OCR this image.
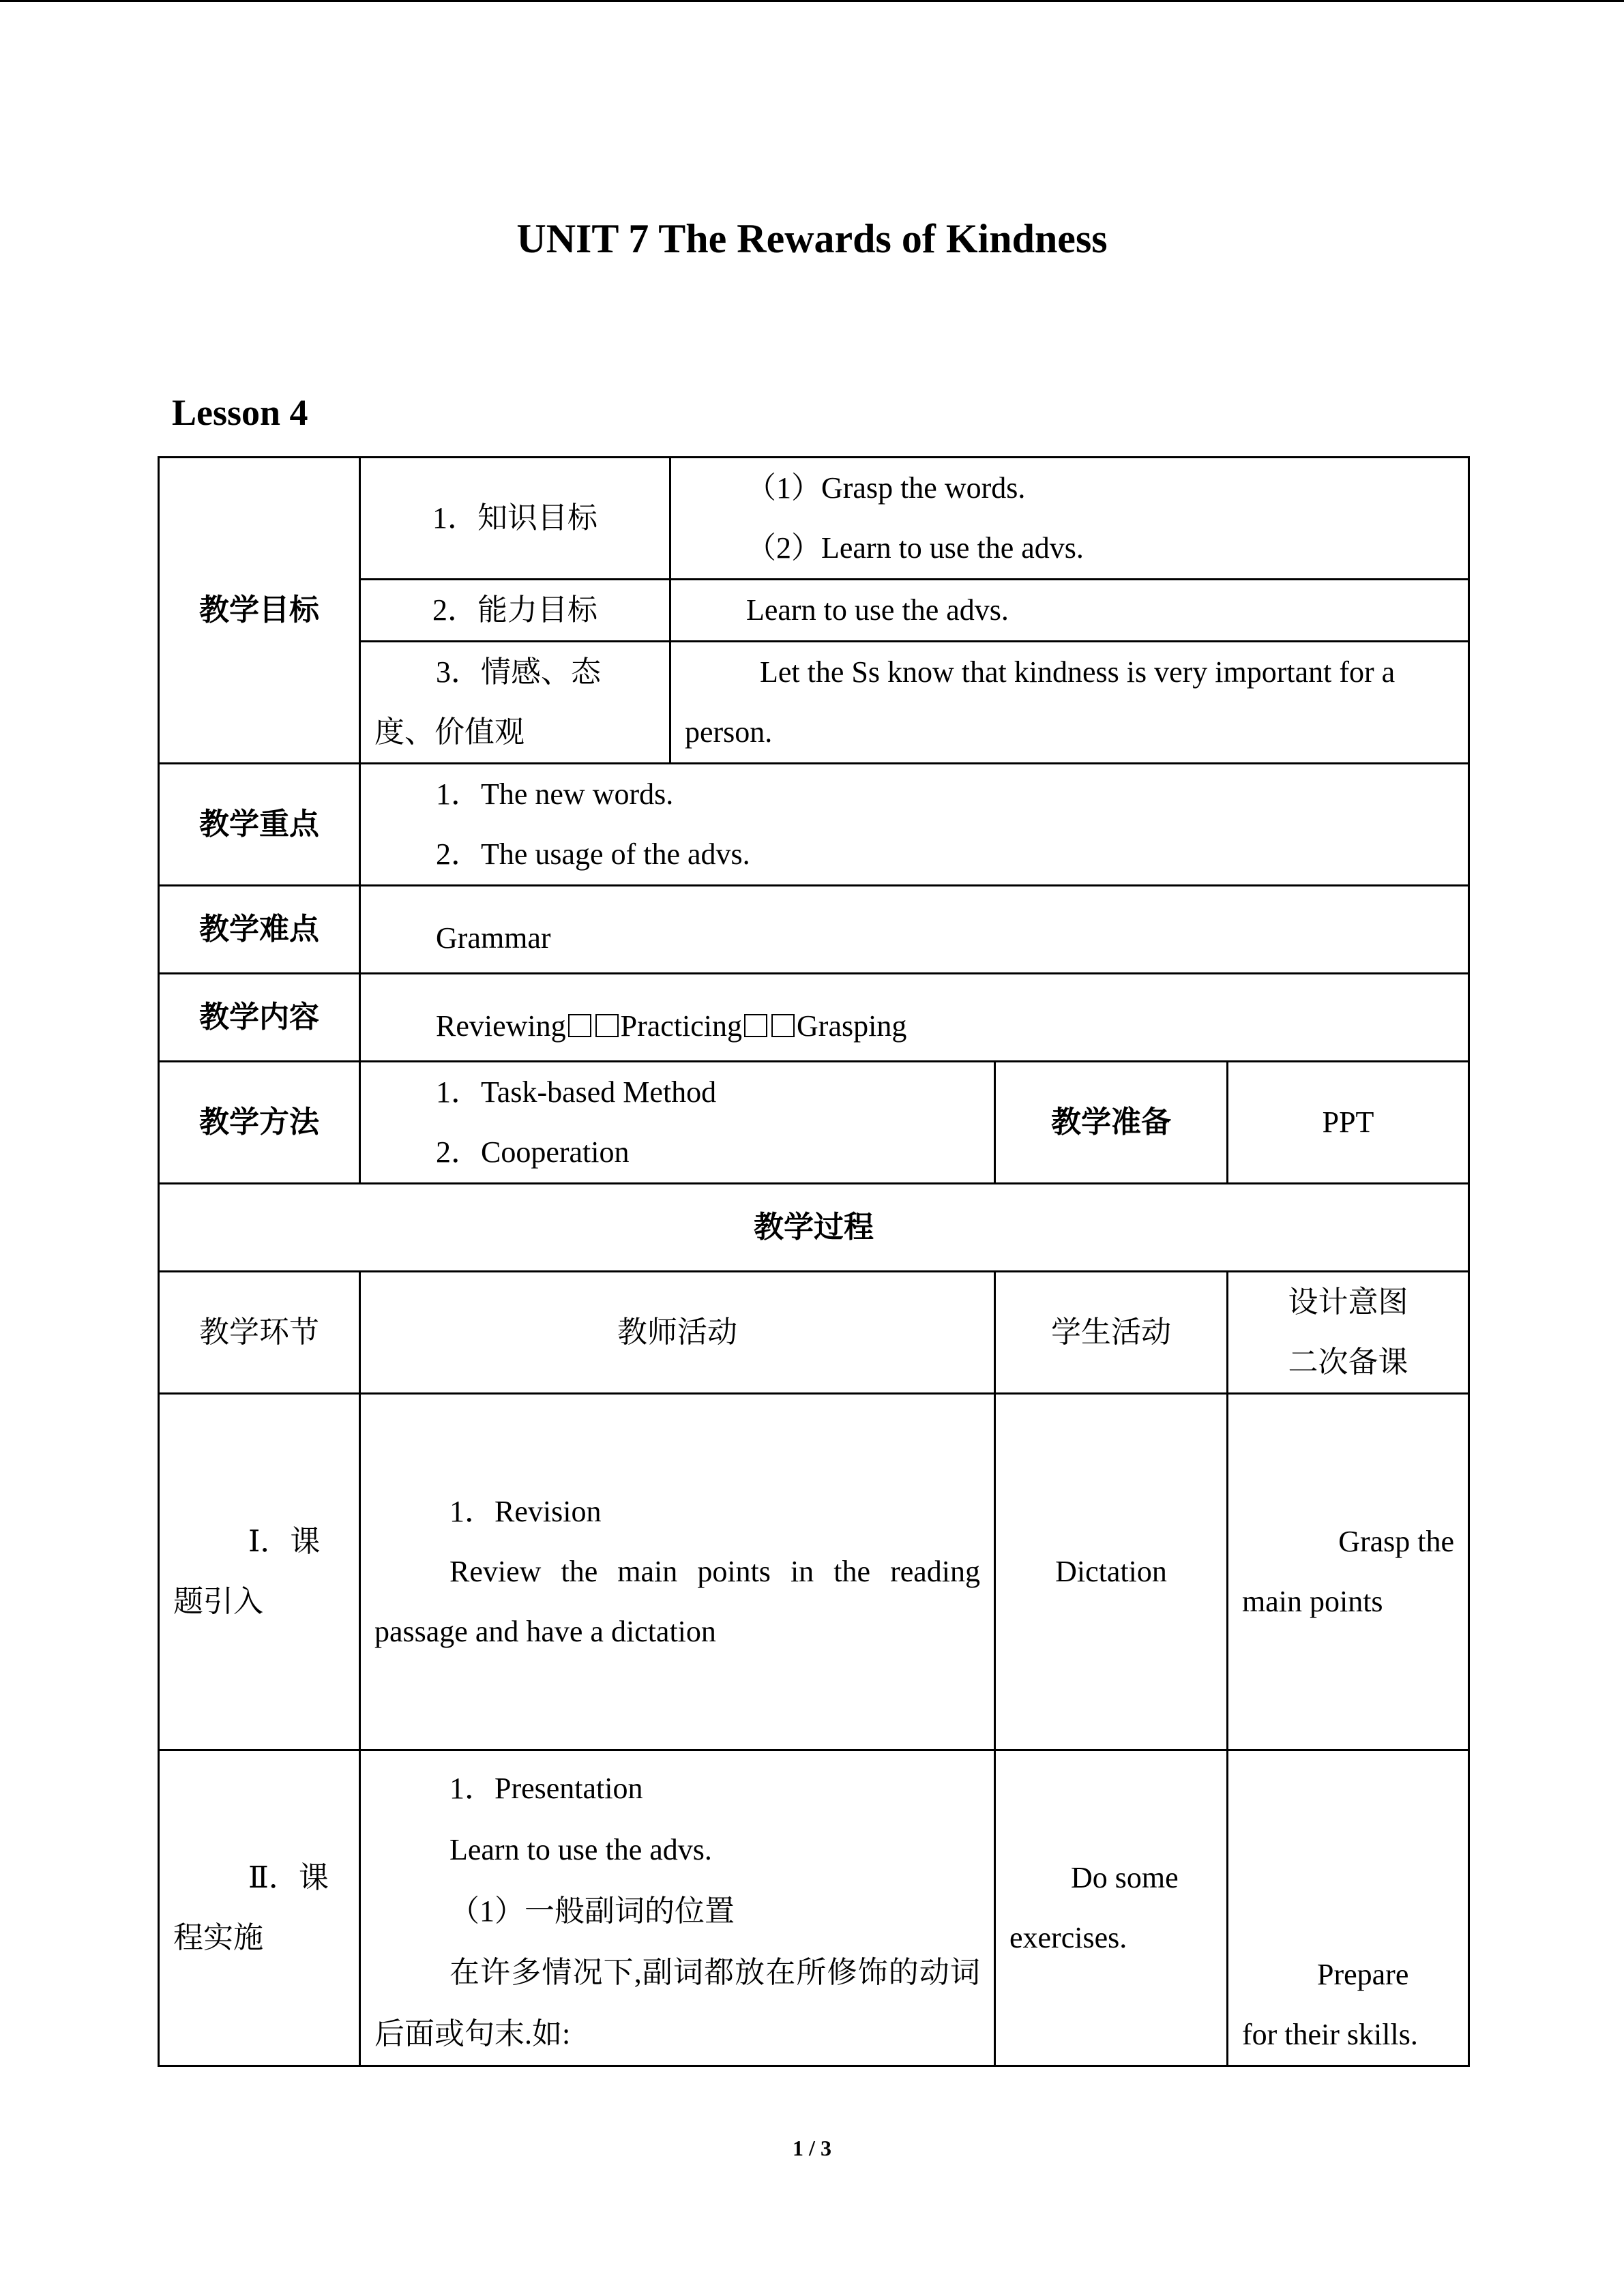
UNIT 7 The Rewards of Kindness
Lesson 4
教学目标	1．知识目标	（1）Grasp the words.
（2）Learn to use the advs.		

	2．能力目标	Learn to use the advs.		

	3．情感、态
度、价值观	Let the Ss know that kindness is very important for a
person.		

教学重点	1．The new words.
2．The usage of the advs.			

教学难点	Grammar			
教学内容	Reviewing Practicing Grasping			
教学方法	1．Task-based Method
2．Cooperation		教学准备	PPT
教学过程				
教学环节	教师活动		学生活动	设计意图
二次备课

Ⅰ．课
题引入	1．Revision
Review the main points in the reading passage and have a dictation		Dictation	Grasp the
main points

Ⅱ．课
程实施	1．Presentation
Learn to use the advs.
（1）一般副词的位置
在许多情况下,副词都放在所修饰的动词后面或句末.如:		Do some
exercises.	Prepare
for their skills.
1 / 3
